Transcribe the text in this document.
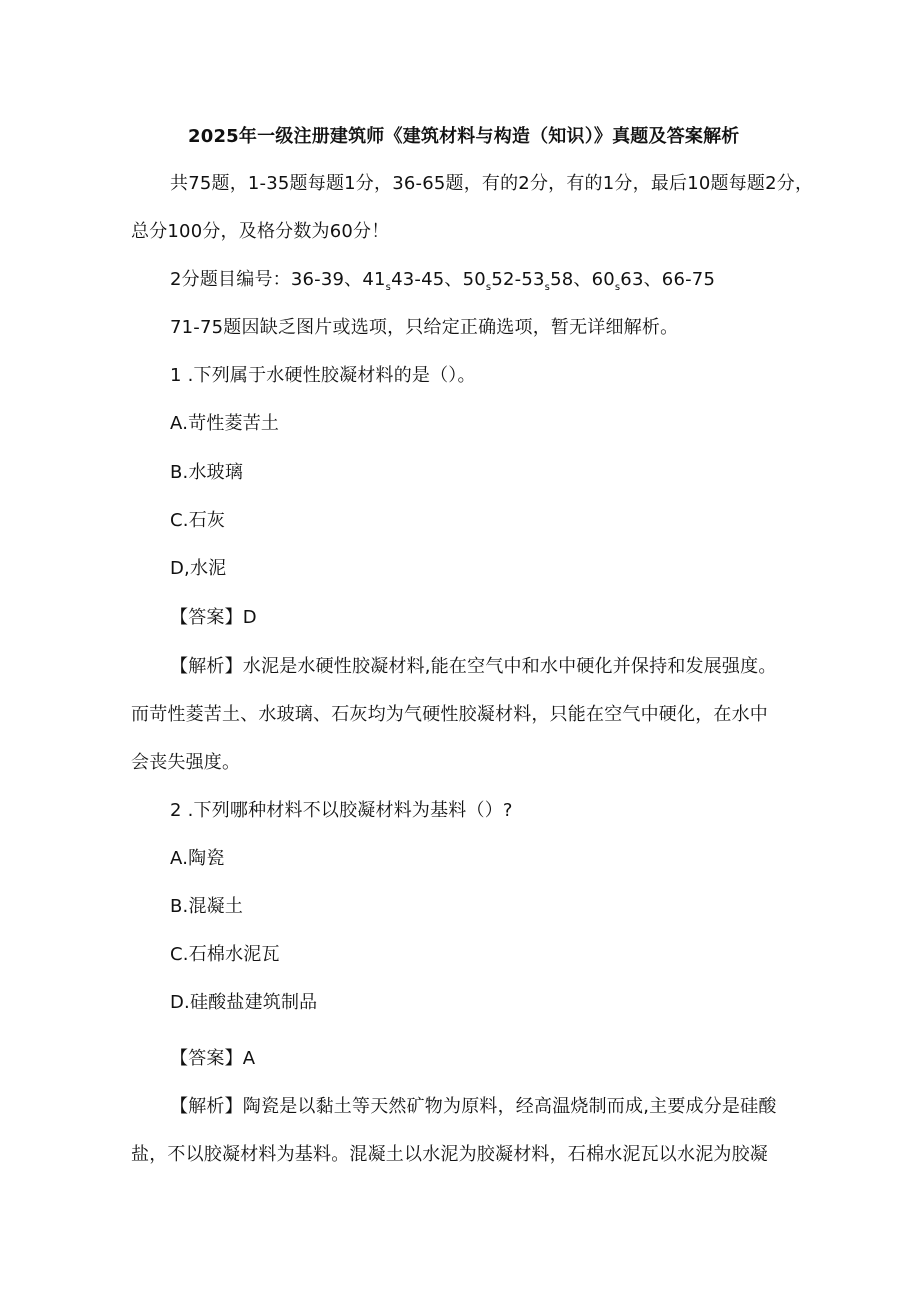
2025年一级注册建筑师《建筑材料与构造（知识）》真题及答案解析
共75题，1-35题每题1分，36-65题，有的2分，有的1分，最后10题每题2分，
总分100分，及格分数为60分！
2分题目编号：36-39、$41_s43-45$、$50_s52-53_s58$、$60_s63$、66-75
71-75题因缺乏图片或选项，只给定正确选项，暂无详细解析。
1 .下列属于水硬性胶凝材料的是（）。
A.苛性菱苦土
B.水玻璃
C.石灰
D,水泥
【答案】D
【解析】水泥是水硬性胶凝材料,能在空气中和水中硬化并保持和发展强度。
而苛性菱苦土、水玻璃、石灰均为气硬性胶凝材料，只能在空气中硬化，在水中
会丧失强度。
2 .下列哪种材料不以胶凝材料为基料（）?
A.陶瓷
B.混凝土
C.石棉水泥瓦
D.硅酸盐建筑制品
【答案】A
【解析】陶瓷是以黏土等天然矿物为原料，经高温烧制而成,主要成分是硅酸
盐，不以胶凝材料为基料。混凝土以水泥为胶凝材料，石棉水泥瓦以水泥为胶凝
